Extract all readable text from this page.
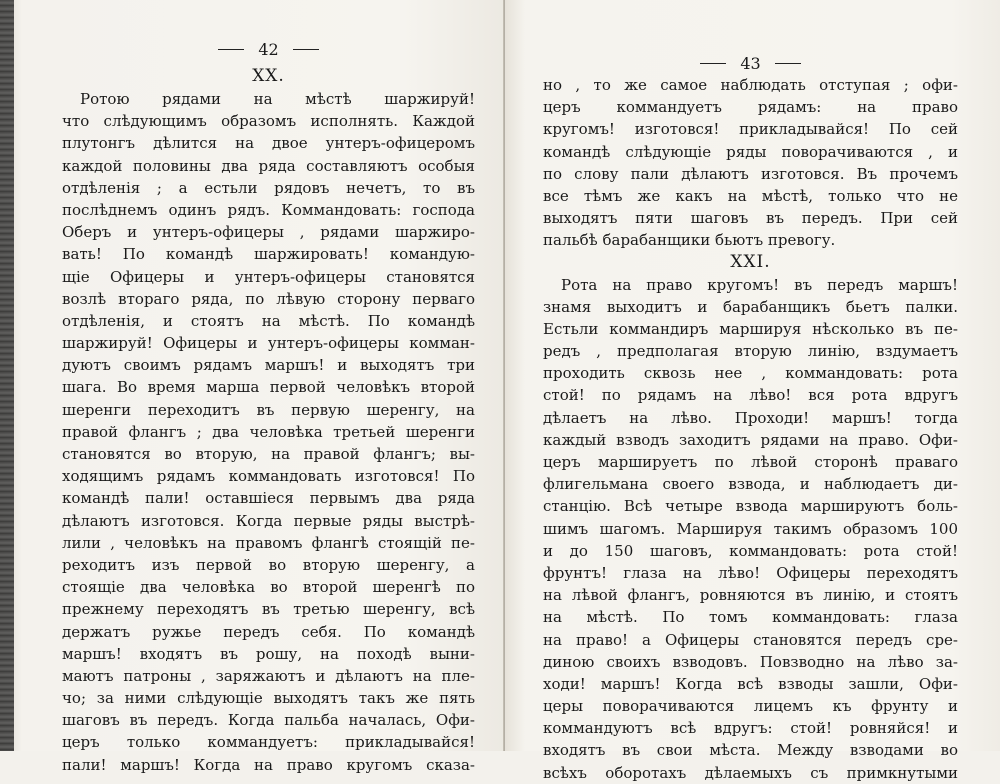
42
XX.
Ротою рядами на мѣстѣ шаржируй!
что слѣдующимъ образомъ исполнять. Каждой
плутонгъ дѣлится на двое унтеръ-офицеромъ
каждой половины два ряда составляютъ особыя
отдѣленія ; а естьли рядовъ нечетъ, то въ
послѣднемъ одинъ рядъ. Коммандовать: господа
Оберъ и унтеръ-офицеры , рядами шаржиро-
вать! По командѣ шаржировать! командую-
щіе Офицеры и унтеръ-офицеры становятся
возлѣ втораго ряда, по лѣвую сторону перваго
отдѣленія, и стоятъ на мѣстѣ. По командѣ
шаржируй! Офицеры и унтеръ-офицеры комман-
дуютъ своимъ рядамъ маршъ! и выходятъ три
шага. Во время марша первой человѣкъ второй
шеренги переходитъ въ первую шеренгу, на
правой флангъ ; два человѣка третьей шеренги
становятся во вторую, на правой флангъ; вы-
ходящимъ рядамъ коммандовать изготовся! По
командѣ пали! оставшіеся первымъ два ряда
дѣлаютъ изготовся. Когда первые ряды выстрѣ-
лили , человѣкъ на правомъ флангѣ стоящій пе-
реходитъ изъ первой во вторую шеренгу, а
стоящіе два человѣка во второй шеренгѣ по
прежнему переходятъ въ третью шеренгу, всѣ
держатъ ружье передъ себя. По командѣ
маршъ! входятъ въ рошу, на походѣ выни-
маютъ патроны , заряжаютъ и дѣлаютъ на пле-
чо; за ними слѣдующіе выходятъ такъ же пять
шаговъ въ передъ. Когда пальба началась, Офи-
церъ только коммандуетъ: прикладывайся!
пали! маршъ! Когда на право кругомъ сказа-
43
но , то же самое наблюдать отступая ; офи-
церъ коммандуетъ рядамъ: на право
кругомъ! изготовся! прикладывайся! По сей
командѣ слѣдующіе ряды поворачиваются , и
по слову пали дѣлаютъ изготовся. Въ прочемъ
все тѣмъ же какъ на мѣстѣ, только что не
выходятъ пяти шаговъ въ передъ. При сей
пальбѣ барабанщики бьютъ превогу.
XXI.
Рота на право кругомъ! въ передъ маршъ!
знамя выходитъ и барабанщикъ бьетъ палки.
Естьли коммандиръ маршируя нѣсколько въ пе-
редъ , предполагая вторую линію, вздумаетъ
проходить сквозь нее , коммандовать: рота
стой! по рядамъ на лѣво! вся рота вдругъ
дѣлаетъ на лѣво. Проходи! маршъ! тогда
каждый взводъ заходитъ рядами на право. Офи-
церъ маршируетъ по лѣвой сторонѣ праваго
флигельмана своего взвода, и наблюдаетъ ди-
станцію. Всѣ четыре взвода маршируютъ боль-
шимъ шагомъ. Маршируя такимъ образомъ 100
и до 150 шаговъ, коммандовать: рота стой!
фрунтъ! глаза на лѣво! Офицеры переходятъ
на лѣвой флангъ, ровняются въ линію, и стоятъ
на мѣстѣ. По томъ коммандовать: глаза
на право! а Офицеры становятся передъ сре-
диною своихъ взводовъ. Повзводно на лѣво за-
ходи! маршъ! Когда всѣ взводы зашли, Офи-
церы поворачиваются лицемъ къ фрунту и
коммандуютъ всѣ вдругъ: стой! ровняйся! и
входятъ въ свои мѣста. Между взводами во
всѣхъ оборотахъ дѣлаемыхъ съ примкнутыми
